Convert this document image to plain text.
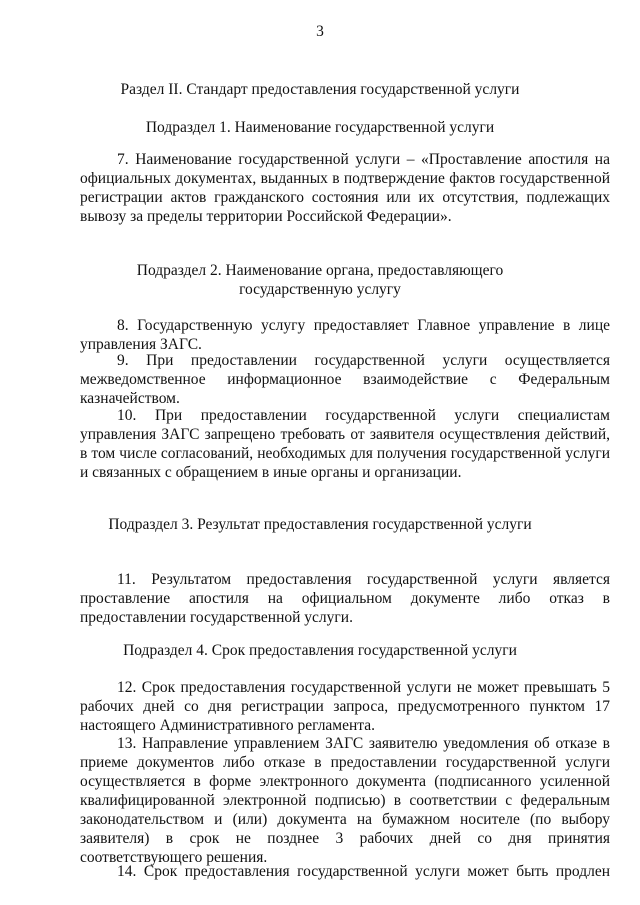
3
Раздел II. Стандарт предоставления государственной услуги
Подраздел 1. Наименование государственной услуги
7. Наименование государственной услуги – «Проставление апостиля на официальных документах, выданных в подтверждение фактов государственной регистрации актов гражданского состояния или их отсутствия, подлежащих вывозу за пределы территории Российской Федерации».
Подраздел 2. Наименование органа, предоставляющего государственную услугу
8. Государственную услугу предоставляет Главное управление в лице управления ЗАГС.
9. При предоставлении государственной услуги осуществляется межведомственное информационное взаимодействие с Федеральным казначейством.
10. При предоставлении государственной услуги специалистам управления ЗАГС запрещено требовать от заявителя осуществления действий, в том числе согласований, необходимых для получения государственной услуги и связанных с обращением в иные органы и организации.
Подраздел 3. Результат предоставления государственной услуги
11. Результатом предоставления государственной услуги является проставление апостиля на официальном документе либо отказ в предоставлении государственной услуги.
Подраздел 4. Срок предоставления государственной услуги
12. Срок предоставления государственной услуги не может превышать 5 рабочих дней со дня регистрации запроса, предусмотренного пунктом 17 настоящего Административного регламента.
13. Направление управлением ЗАГС заявителю уведомления об отказе в приеме документов либо отказе в предоставлении государственной услуги осуществляется в форме электронного документа (подписанного усиленной квалифицированной электронной подписью) в соответствии с федеральным законодательством и (или) документа на бумажном носителе (по выбору заявителя) в срок не позднее 3 рабочих дней со дня принятия соответствующего решения.
14. Срок предоставления государственной услуги может быть продлен
